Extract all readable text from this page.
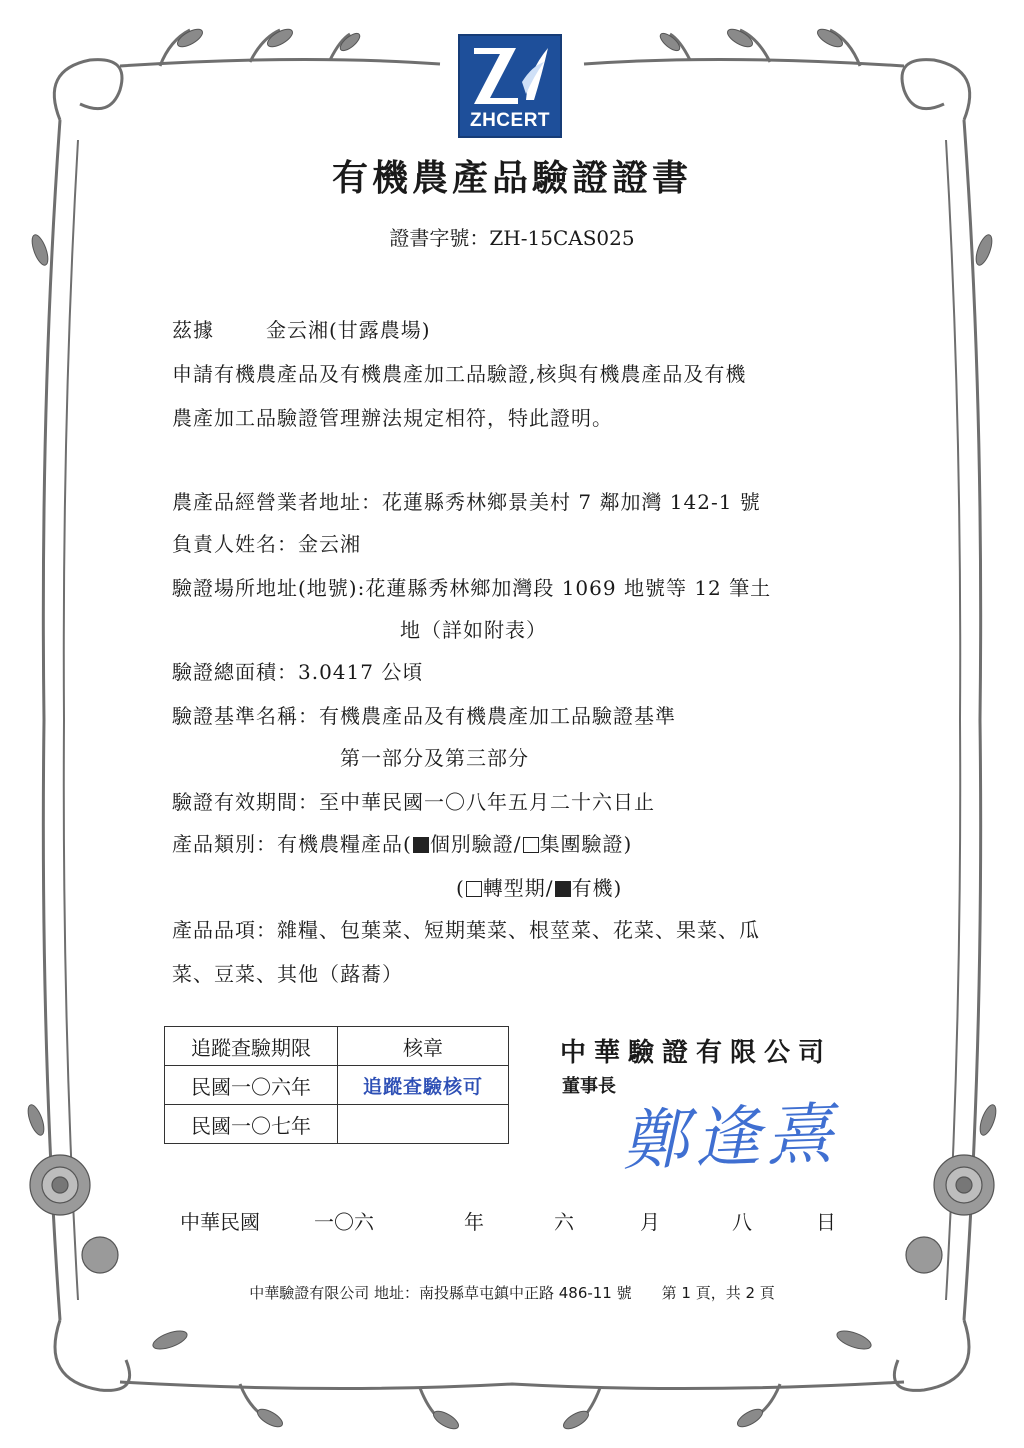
ZHCERT
有機農產品驗證證書
證書字號：ZH-15CAS025
茲據	金云湘(甘露農場)
申請有機農產品及有機農產加工品驗證,核與有機農產品及有機
農產加工品驗證管理辦法規定相符，特此證明。
農產品經營業者地址：花蓮縣秀林鄉景美村 7 鄰加灣 142-1 號
負責人姓名：金云湘
驗證場所地址(地號):花蓮縣秀林鄉加灣段 1069 地號等 12 筆土
地（詳如附表）
驗證總面積：3.0417 公頃
驗證基準名稱：有機農產品及有機農產加工品驗證基準
第一部分及第三部分
驗證有效期間：至中華民國一〇八年五月二十六日止
產品類別：有機農糧產品( 個別驗證/ 集團驗證)
( 轉型期/ 有機)
產品品項：雜糧、包葉菜、短期葉菜、根莖菜、花菜、果菜、瓜
菜、豆菜、其他（蕗蕎）
追蹤查驗期限	核章
民國一〇六年	追蹤查驗核可
民國一〇七年	
中華驗證有限公司
董事長
鄭逢熹
中華民國	一〇六	年	六	月	八	日
中華驗證有限公司 地址：南投縣草屯鎮中正路 486-11 號　　第 1 頁，共 2 頁
